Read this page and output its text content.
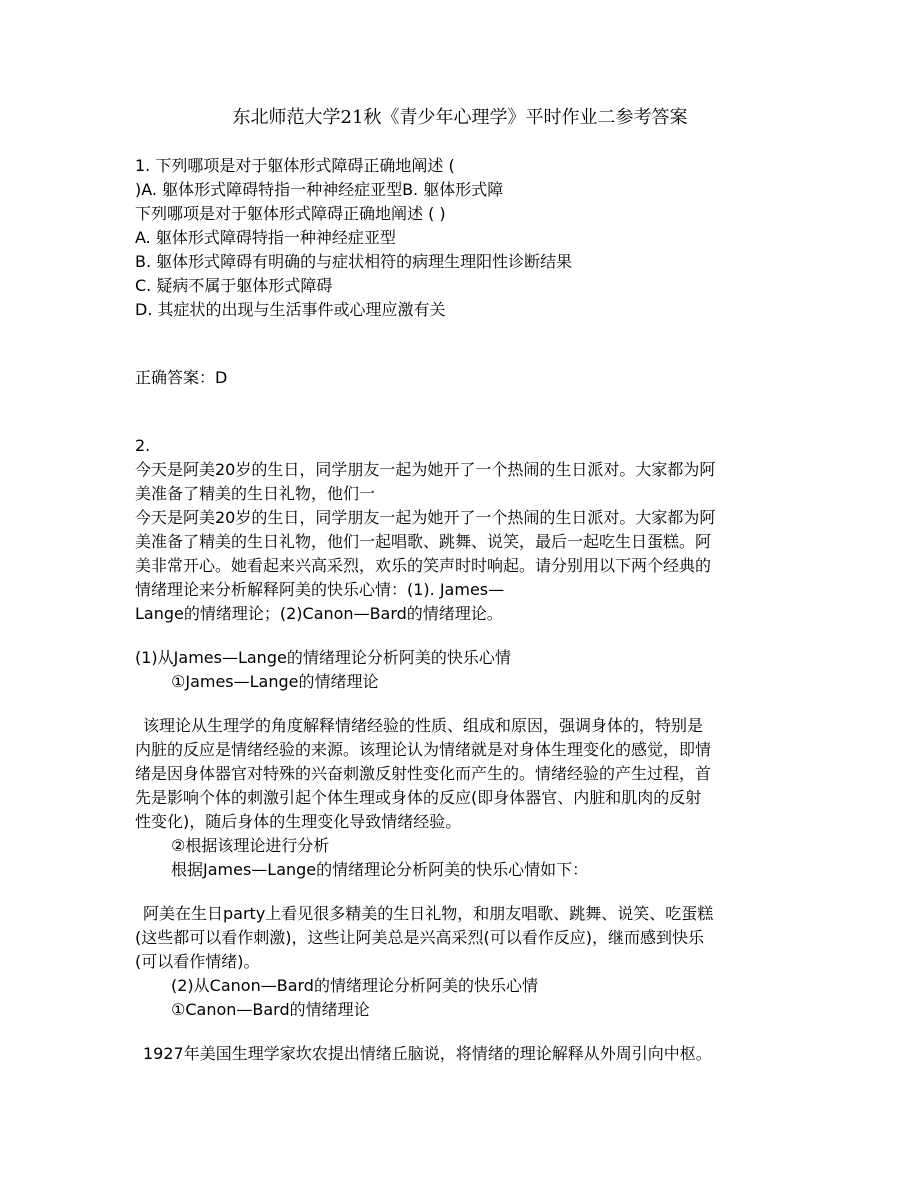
东北师范大学21秋《青少年心理学》平时作业二参考答案
1. 下列哪项是对于躯体形式障碍正确地阐述 (
)A. 躯体形式障碍特指一种神经症亚型B. 躯体形式障
下列哪项是对于躯体形式障碍正确地阐述 ( )
A. 躯体形式障碍特指一种神经症亚型
B. 躯体形式障碍有明确的与症状相符的病理生理阳性诊断结果
C. 疑病不属于躯体形式障碍
D. 其症状的出现与生活事件或心理应激有关
正确答案：D
2.
今天是阿美20岁的生日，同学朋友一起为她开了一个热闹的生日派对。大家都为阿
美准备了精美的生日礼物，他们一
今天是阿美20岁的生日，同学朋友一起为她开了一个热闹的生日派对。大家都为阿
美准备了精美的生日礼物，他们一起唱歌、跳舞、说笑，最后一起吃生日蛋糕。阿
美非常开心。她看起来兴高采烈，欢乐的笑声时时响起。请分别用以下两个经典的
情绪理论来分析解释阿美的快乐心情：(1). James—
Lange的情绪理论；(2)Canon—Bard的情绪理论。
(1)从James—Lange的情绪理论分析阿美的快乐心情
①James—Lange的情绪理论
该理论从生理学的角度解释情绪经验的性质、组成和原因，强调身体的，特别是
内脏的反应是情绪经验的来源。该理论认为情绪就是对身体生理变化的感觉，即情
绪是因身体器官对特殊的兴奋刺激反射性变化而产生的。情绪经验的产生过程，首
先是影响个体的刺激引起个体生理或身体的反应(即身体器官、内脏和肌肉的反射
性变化)，随后身体的生理变化导致情绪经验。
②根据该理论进行分析
根据James—Lange的情绪理论分析阿美的快乐心情如下：
阿美在生日party上看见很多精美的生日礼物，和朋友唱歌、跳舞、说笑、吃蛋糕
(这些都可以看作刺激)，这些让阿美总是兴高采烈(可以看作反应)，继而感到快乐
(可以看作情绪)。
(2)从Canon—Bard的情绪理论分析阿美的快乐心情
①Canon—Bard的情绪理论
1927年美国生理学家坎农提出情绪丘脑说，将情绪的理论解释从外周引向中枢。
